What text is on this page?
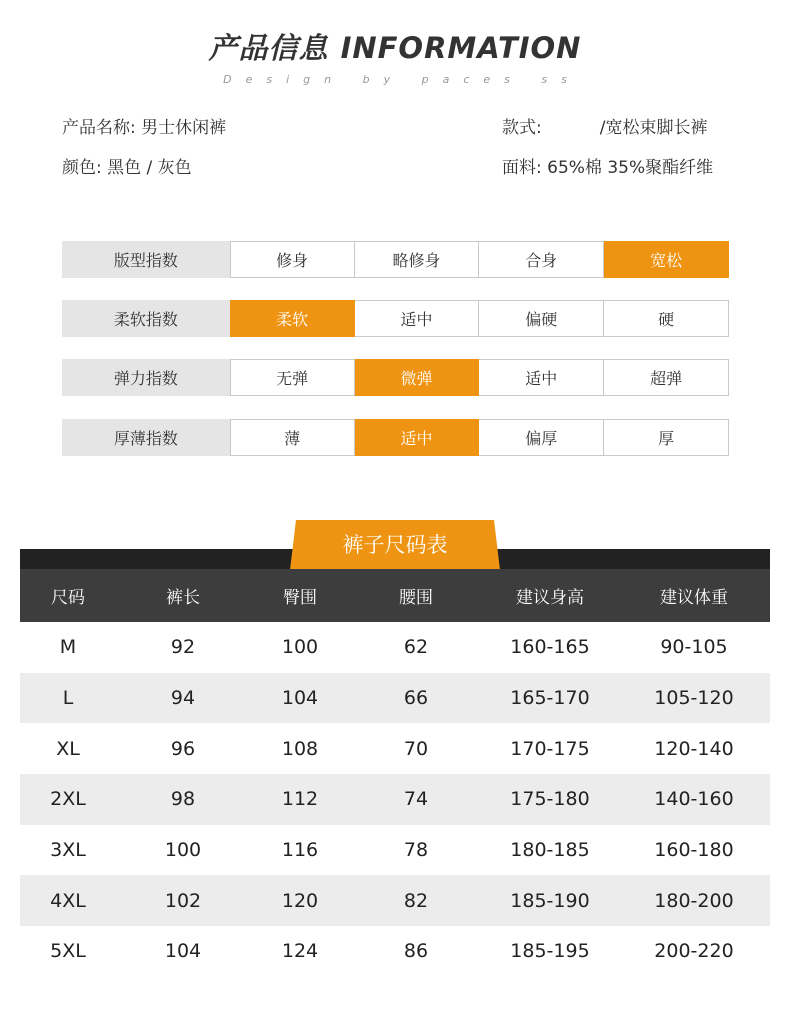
产品信息 INFORMATION
Design by paces ss
产品名称: 男士休闲裤
颜色: 黑色 / 灰色
款式:	/宽松束脚长裤
面料: 65%棉 35%聚酯纤维
版型指数	修身	略修身	合身	宽松
柔软指数	柔软	适中	偏硬	硬
弹力指数	无弹	微弹	适中	超弹
厚薄指数	薄	适中	偏厚	厚
裤子尺码表
尺码	裤长	臀围	腰围	建议身高	建议体重
M	92	100	62	160-165	90-105
L	94	104	66	165-170	105-120
XL	96	108	70	170-175	120-140
2XL	98	112	74	175-180	140-160
3XL	100	116	78	180-185	160-180
4XL	102	120	82	185-190	180-200
5XL	104	124	86	185-195	200-220
